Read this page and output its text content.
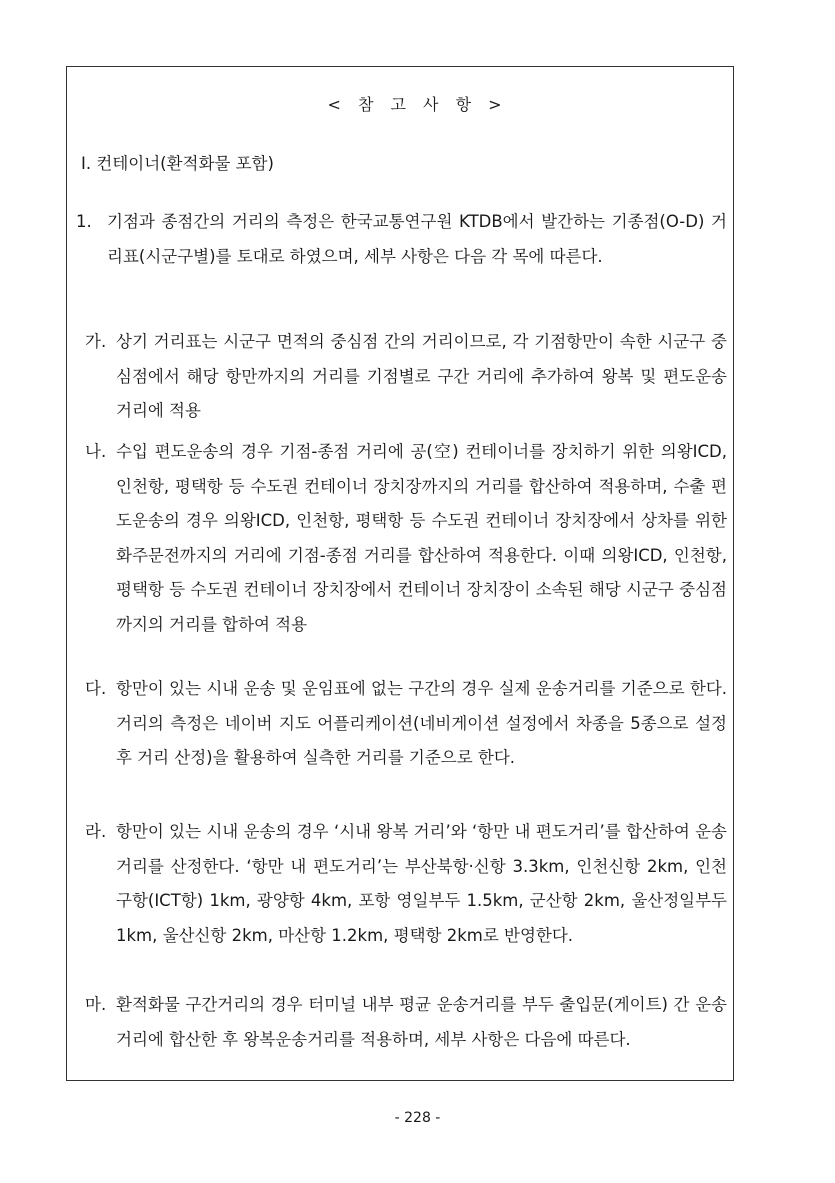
< 참 고 사 항 >
Ⅰ. 컨테이너(환적화물 포함)
1. 기점과 종점간의 거리의 측정은 한국교통연구원 KTDB에서 발간하는 기종점(O-D) 거리표(시군구별)를 토대로 하였으며, 세부 사항은 다음 각 목에 따른다.
가. 상기 거리표는 시군구 면적의 중심점 간의 거리이므로, 각 기점항만이 속한 시군구 중심점에서 해당 항만까지의 거리를 기점별로 구간 거리에 추가하여 왕복 및 편도운송 거리에 적용
나. 수입 편도운송의 경우 기점-종점 거리에 공(空) 컨테이너를 장치하기 위한 의왕ICD, 인천항, 평택항 등 수도권 컨테이너 장치장까지의 거리를 합산하여 적용하며, 수출 편도운송의 경우 의왕ICD, 인천항, 평택항 등 수도권 컨테이너 장치장에서 상차를 위한 화주문전까지의 거리에 기점-종점 거리를 합산하여 적용한다. 이때 의왕ICD, 인천항, 평택항 등 수도권 컨테이너 장치장에서 컨테이너 장치장이 소속된 해당 시군구 중심점까지의 거리를 합하여 적용
다. 항만이 있는 시내 운송 및 운임표에 없는 구간의 경우 실제 운송거리를 기준으로 한다. 거리의 측정은 네이버 지도 어플리케이션(네비게이션 설정에서 차종을 5종으로 설정 후 거리 산정)을 활용하여 실측한 거리를 기준으로 한다.
라. 항만이 있는 시내 운송의 경우 ‘시내 왕복 거리’와 ‘항만 내 편도거리’를 합산하여 운송거리를 산정한다. ‘항만 내 편도거리’는 부산북항·신항 3.3km, 인천신항 2km, 인천구항(ICT항) 1km, 광양항 4km, 포항 영일부두 1.5km, 군산항 2km, 울산정일부두 1km, 울산신항 2km, 마산항 1.2km, 평택항 2km로 반영한다.
마. 환적화물 구간거리의 경우 터미널 내부 평균 운송거리를 부두 출입문(게이트) 간 운송거리에 합산한 후 왕복운송거리를 적용하며, 세부 사항은 다음에 따른다.
- 228 -
